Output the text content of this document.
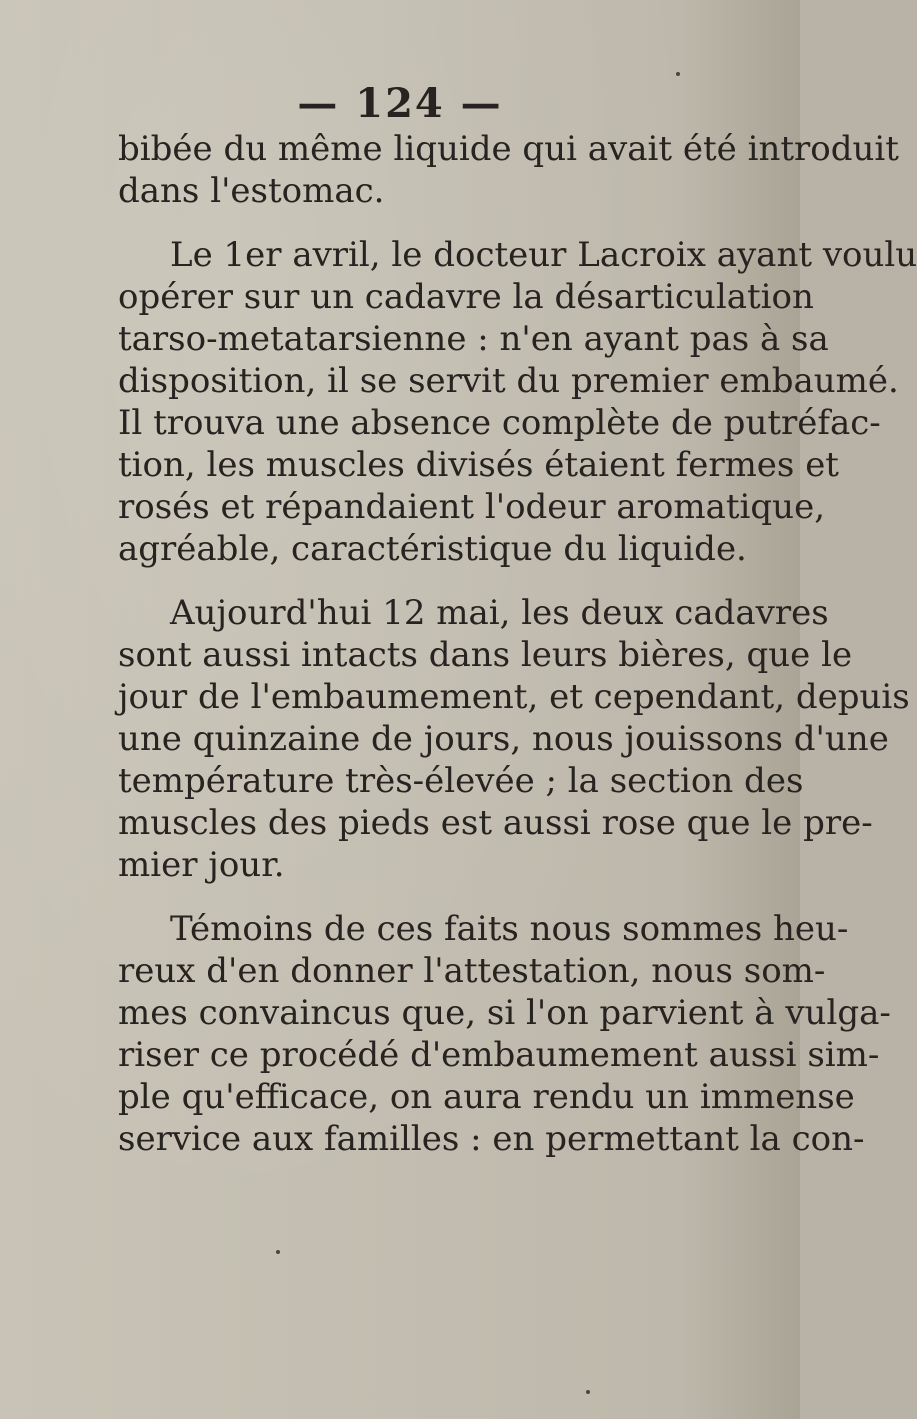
— 124 —
bibée du même liquide qui avait été introduit
dans l'estomac.
Le 1er avril, le docteur Lacroix ayant voulu
opérer sur un cadavre la désarticulation
tarso-metatarsienne : n'en ayant pas à sa
disposition, il se servit du premier embaumé.
Il trouva une absence complète de putréfac-
tion, les muscles divisés étaient fermes et
rosés et répandaient l'odeur aromatique,
agréable, caractéristique du liquide.
Aujourd'hui 12 mai, les deux cadavres
sont aussi intacts dans leurs bières, que le
jour de l'embaumement, et cependant, depuis
une quinzaine de jours, nous jouissons d'une
température très-élevée ; la section des
muscles des pieds est aussi rose que le pre-
mier jour.
Témoins de ces faits nous sommes heu-
reux d'en donner l'attestation, nous som-
mes convaincus que, si l'on parvient à vulga-
riser ce procédé d'embaumement aussi sim-
ple qu'efficace, on aura rendu un immense
service aux familles : en permettant la con-
